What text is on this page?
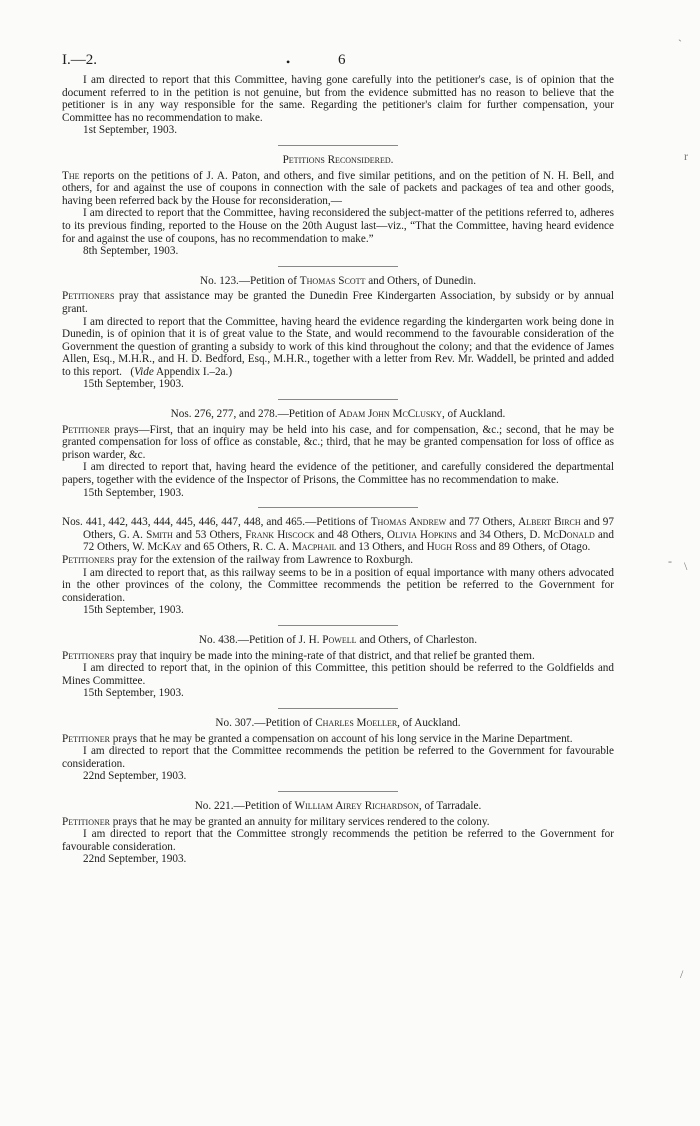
`
r
- \
/
I.—2.	•	6

I am directed to report that this Committee, having gone carefully into the petitioner's case, is of opinion that the document referred to in the petition is not genuine, but from the evidence submitted has no reason to believe that the petitioner is in any way responsible for the same. Regarding the petitioner's claim for further compensation, your Committee has no recommendation to make.

1st September, 1903.

Petitions Reconsidered.

The reports on the petitions of J. A. Paton, and others, and five similar petitions, and on the petition of N. H. Bell, and others, for and against the use of coupons in connection with the sale of packets and packages of tea and other goods, having been referred back by the House for reconsideration,—

I am directed to report that the Committee, having reconsidered the subject-matter of the petitions referred to, adheres to its previous finding, reported to the House on the 20th August last—viz., “That the Committee, having heard evidence for and against the use of coupons, has no recommendation to make.”

8th September, 1903.

No. 123.—Petition of Thomas Scott and Others, of Dunedin.

Petitioners pray that assistance may be granted the Dunedin Free Kindergarten Association, by subsidy or by annual grant.

I am directed to report that the Committee, having heard the evidence regarding the kindergarten work being done in Dunedin, is of opinion that it is of great value to the State, and would recommend to the favourable consideration of the Government the question of granting a subsidy to work of this kind throughout the colony; and that the evidence of James Allen, Esq., M.H.R., and H. D. Bedford, Esq., M.H.R., together with a letter from Rev. Mr. Waddell, be printed and added to this report. (Vide Appendix I.–2a.)

15th September, 1903.

Nos. 276, 277, and 278.—Petition of Adam John McClusky, of Auckland.

Petitioner prays—First, that an inquiry may be held into his case, and for compensation, &c.; second, that he may be granted compensation for loss of office as constable, &c.; third, that he may be granted compensation for loss of office as prison warder, &c.

I am directed to report that, having heard the evidence of the petitioner, and carefully considered the departmental papers, together with the evidence of the Inspector of Prisons, the Committee has no recommendation to make.

15th September, 1903.

Nos. 441, 442, 443, 444, 445, 446, 447, 448, and 465.—Petitions of Thomas Andrew and 77 Others, Albert Birch and 97 Others, G. A. Smith and 53 Others, Frank Hiscock and 48 Others, Olivia Hopkins and 34 Others, D. McDonald and 72 Others, W. McKay and 65 Others, R. C. A. Macphail and 13 Others, and Hugh Ross and 89 Others, of Otago.

Petitioners pray for the extension of the railway from Lawrence to Roxburgh.

I am directed to report that, as this railway seems to be in a position of equal importance with many others advocated in the other provinces of the colony, the Committee recommends the petition be referred to the Government for consideration.

15th September, 1903.

No. 438.—Petition of J. H. Powell and Others, of Charleston.

Petitioners pray that inquiry be made into the mining-rate of that district, and that relief be granted them.

I am directed to report that, in the opinion of this Committee, this petition should be referred to the Goldfields and Mines Committee.

15th September, 1903.

No. 307.—Petition of Charles Moeller, of Auckland.

Petitioner prays that he may be granted a compensation on account of his long service in the Marine Department.

I am directed to report that the Committee recommends the petition be referred to the Government for favourable consideration.

22nd September, 1903.

No. 221.—Petition of William Airey Richardson, of Tarradale.

Petitioner prays that he may be granted an annuity for military services rendered to the colony.

I am directed to report that the Committee strongly recommends the petition be referred to the Government for favourable consideration.

22nd September, 1903.
